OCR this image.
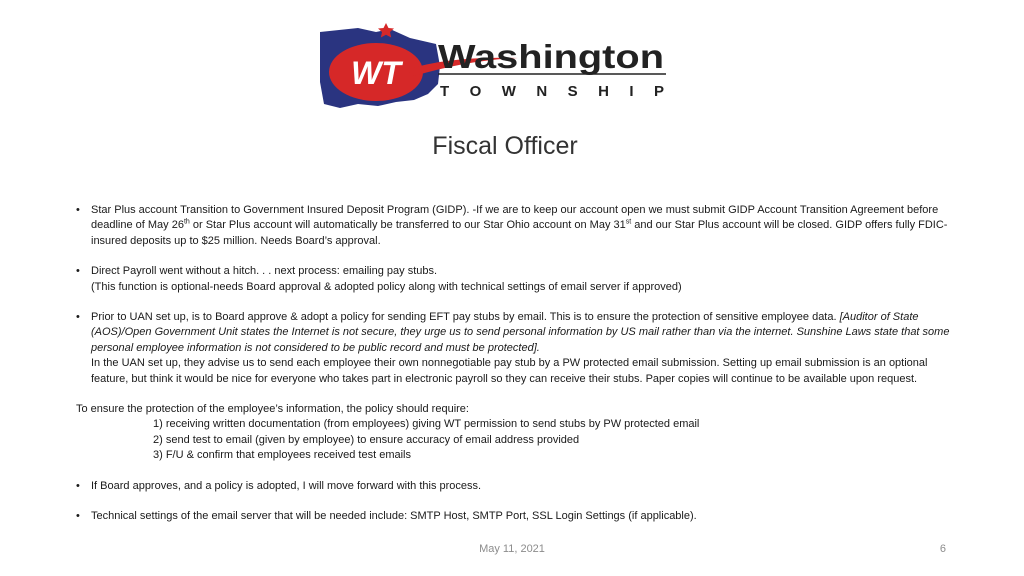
WT Washington
T O W N S H I P
Fiscal Officer
• Star Plus account Transition to Government Insured Deposit Program (GIDP). -If we are to keep our account open we must submit GIDP Account Transition Agreement before deadline of May 26th or Star Plus account will automatically be transferred to our Star Ohio account on May 31st and our Star Plus account will be closed. GIDP offers fully FDIC-insured deposits up to $25 million. Needs Board’s approval.
• Direct Payroll went without a hitch. . . next process: emailing pay stubs.
(This function is optional-needs Board approval & adopted policy along with technical settings of email server if approved)
• Prior to UAN set up, is to Board approve & adopt a policy for sending EFT pay stubs by email. This is to ensure the protection of sensitive employee data. [Auditor of State (AOS)/Open Government Unit states the Internet is not secure, they urge us to send personal information by US mail rather than via the internet. Sunshine Laws state that some personal employee information is not considered to be public record and must be protected].
In the UAN set up, they advise us to send each employee their own nonnegotiable pay stub by a PW protected email submission. Setting up email submission is an optional feature, but think it would be nice for everyone who takes part in electronic payroll so they can receive their stubs. Paper copies will continue to be available upon request.
To ensure the protection of the employee’s information, the policy should require:
1) receiving written documentation (from employees) giving WT permission to send stubs by PW protected email
2) send test to email (given by employee) to ensure accuracy of email address provided
3) F/U & confirm that employees received test emails
• If Board approves, and a policy is adopted, I will move forward with this process.
• Technical settings of the email server that will be needed include: SMTP Host, SMTP Port, SSL Login Settings (if applicable).
May 11, 2021	6
